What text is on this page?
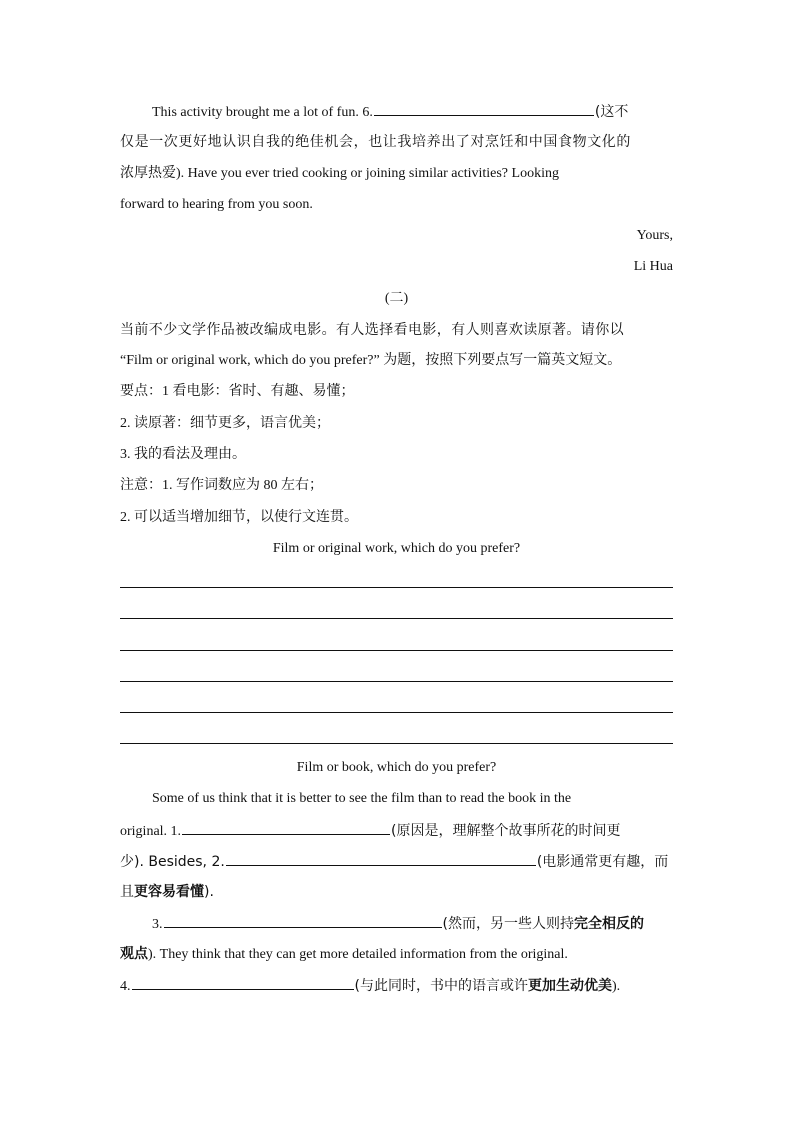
This activity brought me a lot of fun. 6.	(这不
仅是一次更好地认识自我的绝佳机会，也让我培养出了对烹饪和中国食物文化的
浓厚热爱). Have you ever tried cooking or joining similar activities? Looking
forward to hearing from you soon.
Yours,
Li Hua
(二)
当前不少文学作品被改编成电影。有人选择看电影，有人则喜欢读原著。请你以
“Film or original work, which do you prefer?” 为题，按照下列要点写一篇英文短文。
要点：1 看电影：省时、有趣、易懂；
2. 读原著：细节更多，语言优美；
3. 我的看法及理由。
注意：1. 写作词数应为 80 左右；
2. 可以适当增加细节，以使行文连贯。
Film or original work, which do you prefer?
Film or book, which do you prefer?
Some of us think that it is better to see the film than to read the book in the
original. 1.	(原因是，理解整个故事所花的时间更
少). Besides, 2.	(电影通常更有趣，而
且更容易看懂).
3.	(然而，另一些人则持完全相反的
观点). They think that they can get more detailed information from the original.
4.	(与此同时，书中的语言或许更加生动优美).
